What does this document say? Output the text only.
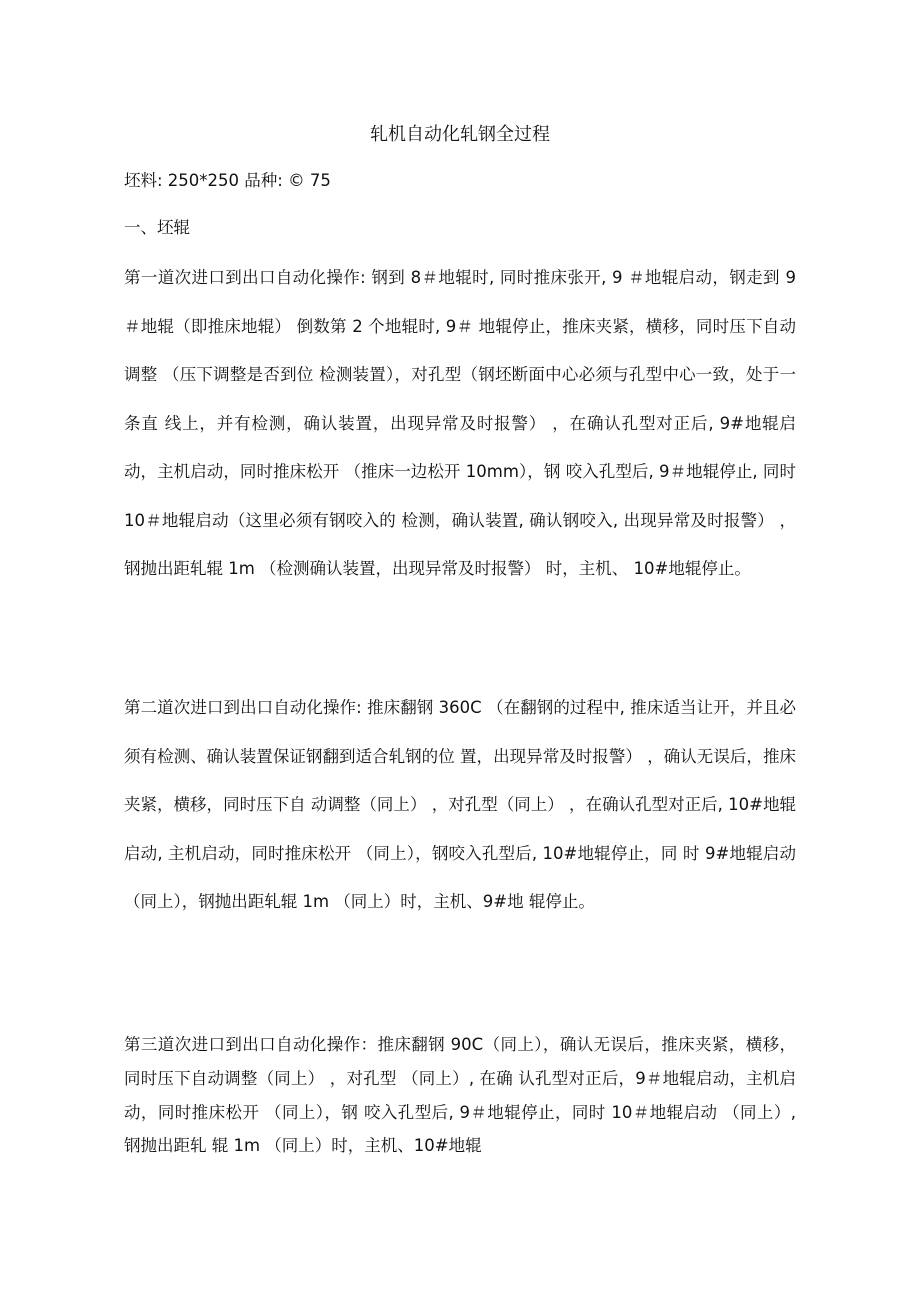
轧机自动化轧钢全过程
坯料: 250*250 品种: © 75
一、坯辊
第一道次进口到出口自动化操作: 钢到 8＃地辊时, 同时推床张开, 9 ＃地辊启动，钢走到 9＃地辊（即推床地辊） 倒数第 2 个地辊时, 9＃ 地辊停止，推床夹紧，横移，同时压下自动调整 （压下调整是否到位 检测装置），对孔型（钢坯断面中心必须与孔型中心一致，处于一条直 线上，并有检测，确认装置，出现异常及时报警） ，在确认孔型对正后, 9#地辊启动，主机启动，同时推床松开 （推床一边松开 10mm），钢 咬入孔型后, 9＃地辊停止, 同时 10＃地辊启动（这里必须有钢咬入的 检测，确认装置, 确认钢咬入, 出现异常及时报警） ，钢抛出距轧辊 1m （检测确认装置，出现异常及时报警） 时，主机、 10#地辊停止。
第二道次进口到出口自动化操作: 推床翻钢 360C （在翻钢的过程中, 推床适当让开，并且必须有检测、确认装置保证钢翻到适合轧钢的位 置，出现异常及时报警） ，确认无误后，推床夹紧，横移，同时压下自 动调整（同上） ，对孔型（同上） ，在确认孔型对正后, 10#地辊启动, 主机启动，同时推床松开 （同上），钢咬入孔型后, 10#地辊停止，同 时 9#地辊启动（同上），钢抛出距轧辊 1m （同上）时，主机、9#地 辊停止。
第三道次进口到出口自动化操作：推床翻钢 90C（同上），确认无误后，推床夹紧，横移，同时压下自动调整（同上） ，对孔型 （同上）, 在确 认孔型对正后，9＃地辊启动，主机启动，同时推床松开 （同上），钢 咬入孔型后, 9＃地辊停止，同时 10＃地辊启动 （同上）, 钢抛出距轧 辊 1m （同上）时，主机、10#地辊
